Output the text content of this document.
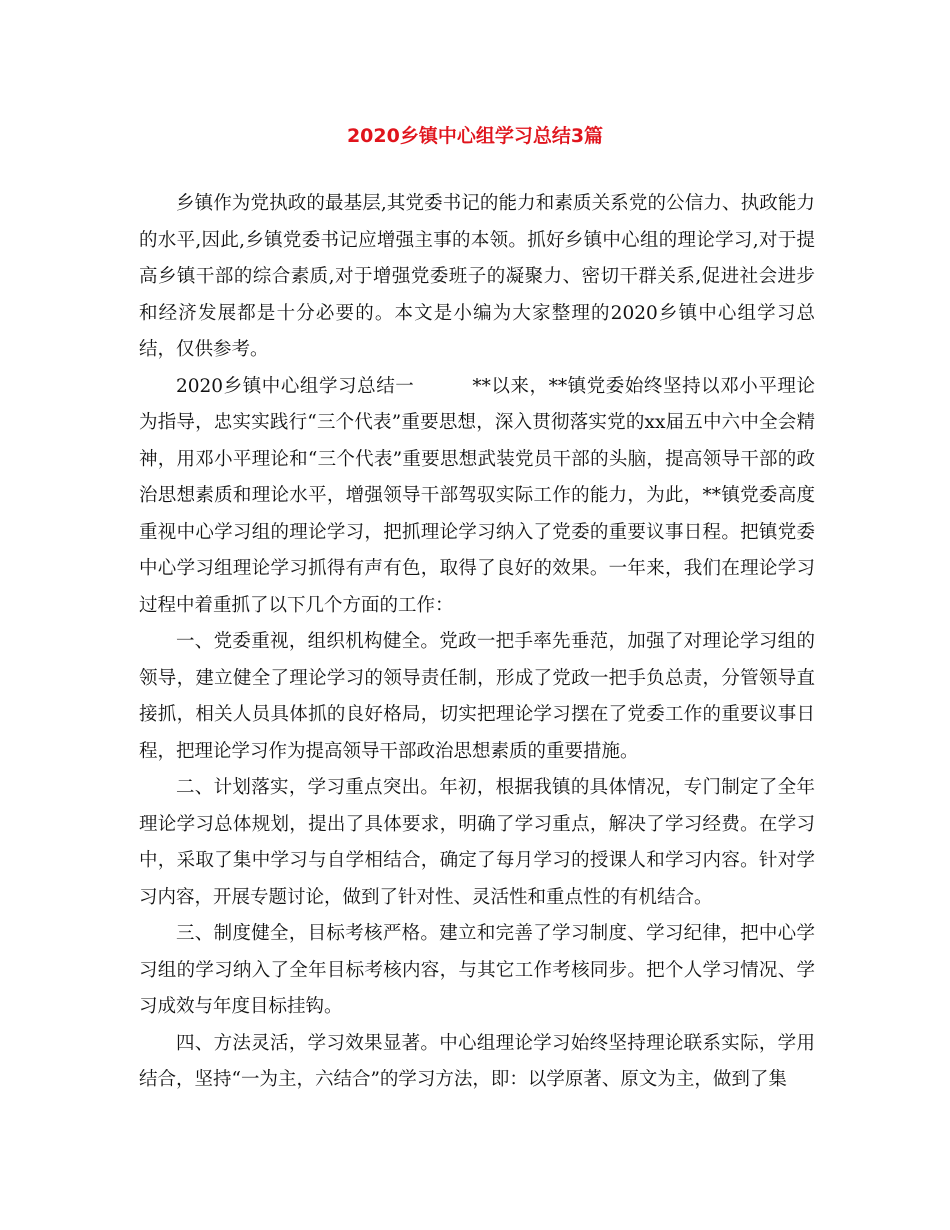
2020乡镇中心组学习总结3篇

乡镇作为党执政的最基层,其党委书记的能力和素质关系党的公信力、执政能力的水平,因此,乡镇党委书记应增强主事的本领。抓好乡镇中心组的理论学习,对于提高乡镇干部的综合素质,对于增强党委班子的凝聚力、密切干群关系,促进社会进步和经济发展都是十分必要的。本文是小编为大家整理的2020乡镇中心组学习总结，仅供参考。

2020乡镇中心组学习总结一	**以来，**镇党委始终坚持以邓小平理论为指导，忠实实践行“三个代表”重要思想，深入贯彻落实党的xx届五中六中全会精神，用邓小平理论和“三个代表”重要思想武装党员干部的头脑，提高领导干部的政治思想素质和理论水平，增强领导干部驾驭实际工作的能力，为此，**镇党委高度重视中心学习组的理论学习，把抓理论学习纳入了党委的重要议事日程。把镇党委中心学习组理论学习抓得有声有色，取得了良好的效果。一年来，我们在理论学习过程中着重抓了以下几个方面的工作：

一、党委重视，组织机构健全。党政一把手率先垂范，加强了对理论学习组的领导，建立健全了理论学习的领导责任制，形成了党政一把手负总责，分管领导直接抓，相关人员具体抓的良好格局，切实把理论学习摆在了党委工作的重要议事日程，把理论学习作为提高领导干部政治思想素质的重要措施。

二、计划落实，学习重点突出。年初，根据我镇的具体情况，专门制定了全年理论学习总体规划，提出了具体要求，明确了学习重点，解决了学习经费。在学习中，采取了集中学习与自学相结合，确定了每月学习的授课人和学习内容。针对学习内容，开展专题讨论，做到了针对性、灵活性和重点性的有机结合。

三、制度健全，目标考核严格。建立和完善了学习制度、学习纪律，把中心学习组的学习纳入了全年目标考核内容，与其它工作考核同步。把个人学习情况、学习成效与年度目标挂钩。

四、方法灵活，学习效果显著。中心组理论学习始终坚持理论联系实际，学用结合，坚持“一为主，六结合”的学习方法，即：以学原著、原文为主，做到了集
